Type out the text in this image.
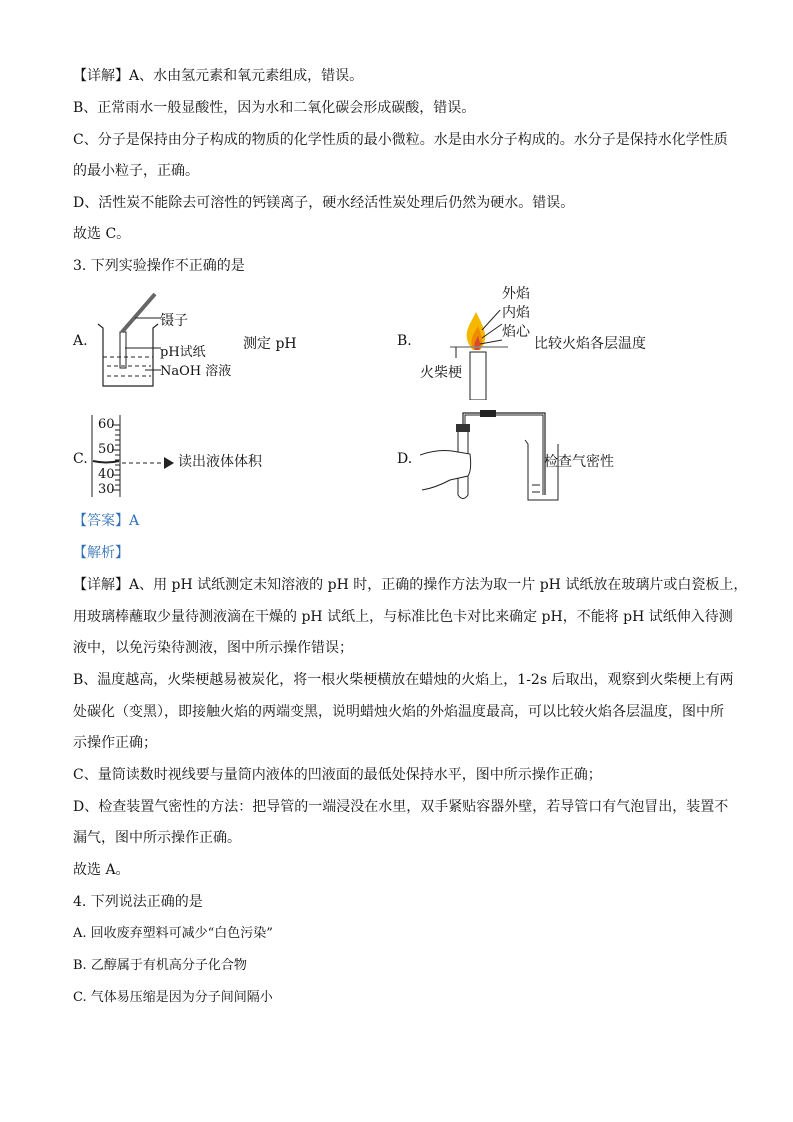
【详解】A、水由氢元素和氧元素组成，错误。
B、正常雨水一般显酸性，因为水和二氧化碳会形成碳酸，错误。
C、分子是保持由分子构成的物质的化学性质的最小微粒。水是由水分子构成的。水分子是保持水化学性质
的最小粒子，正确。
D、活性炭不能除去可溶性的钙镁离子，硬水经活性炭处理后仍然为硬水。错误。
故选 C。
3. 下列实验操作不正确的是
A.
镊子
pH试纸
NaOH 溶液
测定 pH	B.
外焰
内焰
焰心
火柴梗
比较火焰各层温度
C.
60
50
40
30
读出液体体积	D.	检查气密性
【答案】A
【解析】
【详解】A、用 pH 试纸测定未知溶液的 pH 时，正确的操作方法为取一片 pH 试纸放在玻璃片或白瓷板上，
用玻璃棒蘸取少量待测液滴在干燥的 pH 试纸上，与标准比色卡对比来确定 pH，不能将 pH 试纸伸入待测
液中，以免污染待测液，图中所示操作错误；
B、温度越高，火柴梗越易被炭化，将一根火柴梗横放在蜡烛的火焰上，1-2s 后取出，观察到火柴梗上有两
处碳化（变黑），即接触火焰的两端变黑，说明蜡烛火焰的外焰温度最高，可以比较火焰各层温度，图中所
示操作正确；
C、量筒读数时视线要与量筒内液体的凹液面的最低处保持水平，图中所示操作正确；
D、检查装置气密性的方法：把导管的一端浸没在水里，双手紧贴容器外壁，若导管口有气泡冒出，装置不
漏气，图中所示操作正确。
故选 A。
4. 下列说法正确的是
A. 回收废弃塑料可减少“白色污染”
B. 乙醇属于有机高分子化合物
C. 气体易压缩是因为分子间间隔小
